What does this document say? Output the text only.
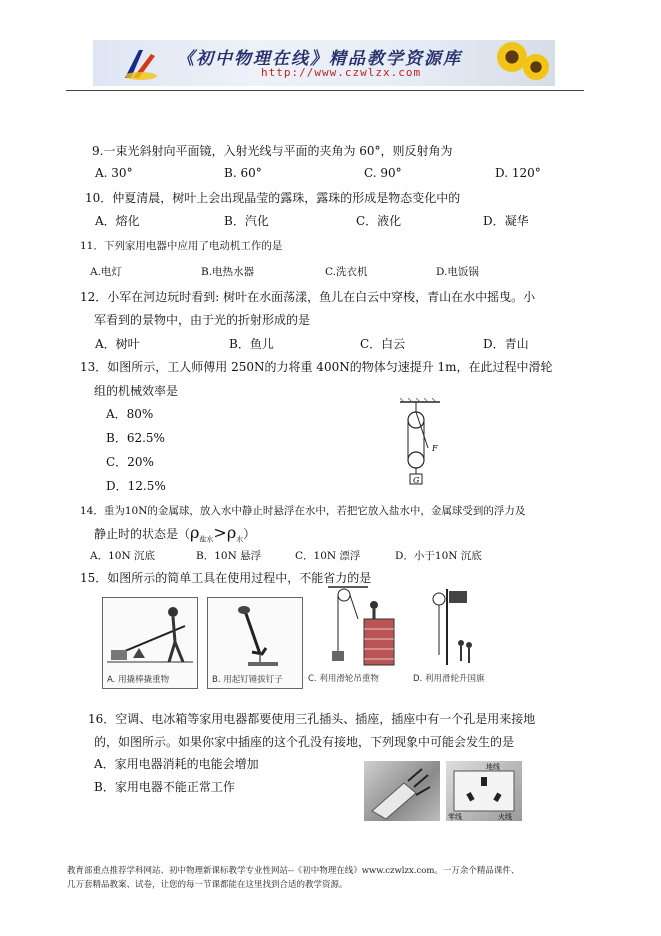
《初中物理在线》精品教学资源库
http://www.czwlzx.com
9.一束光斜射向平面镜，入射光线与平面的夹角为 60°，则反射角为
A. 30°	B. 60°	C. 90°	D. 120°
10．仲夏清晨，树叶上会出现晶莹的露珠，露珠的形成是物态变化中的
A．熔化	B．汽化	C．液化	D．凝华
11．下列家用电器中应用了电动机工作的是
A.电灯	B.电热水器	C.洗衣机	D.电饭锅
12．小军在河边玩时看到: 树叶在水面荡漾，鱼儿在白云中穿梭，青山在水中摇曳。小
军看到的景物中，由于光的折射形成的是
A．树叶	B．鱼儿	C．白云	D．青山
13．如图所示，工人师傅用 250N的力将重 400N的物体匀速提升 1m，在此过程中滑轮
组的机械效率是
A．80%
B．62.5%
C．20%
D．12.5%
F
G
14．重为10N的金属球，放入水中静止时悬浮在水中，若把它放入盐水中，金属球受到的浮力及
静止时的状态是$(\rho_{盐水}>\rho_水)$
A．10N 沉底	B．10N 悬浮	C．10N 漂浮	D．小于10N 沉底
15．如图所示的简单工具在使用过程中，不能省力的是
A. 用撬棒撬重物	B. 用起钉锤拔钉子	C. 利用滑轮吊重物	D. 利用滑轮升国旗
16．空调、电冰箱等家用电器都要使用三孔插头、插座，插座中有一个孔是用来接地
的，如图所示。如果你家中插座的这个孔没有接地，下列现象中可能会发生的是
A．家用电器消耗的电能会增加
B．家用电器不能正常工作
地线
零线	火线
教育部重点推荐学科网站、初中物理新课标教学专业性网站--《初中物理在线》www.czwlzx.com。一万余个精品课件、
几万套精品教案、试卷，让您的每一节课都能在这里找到合适的教学资源。
